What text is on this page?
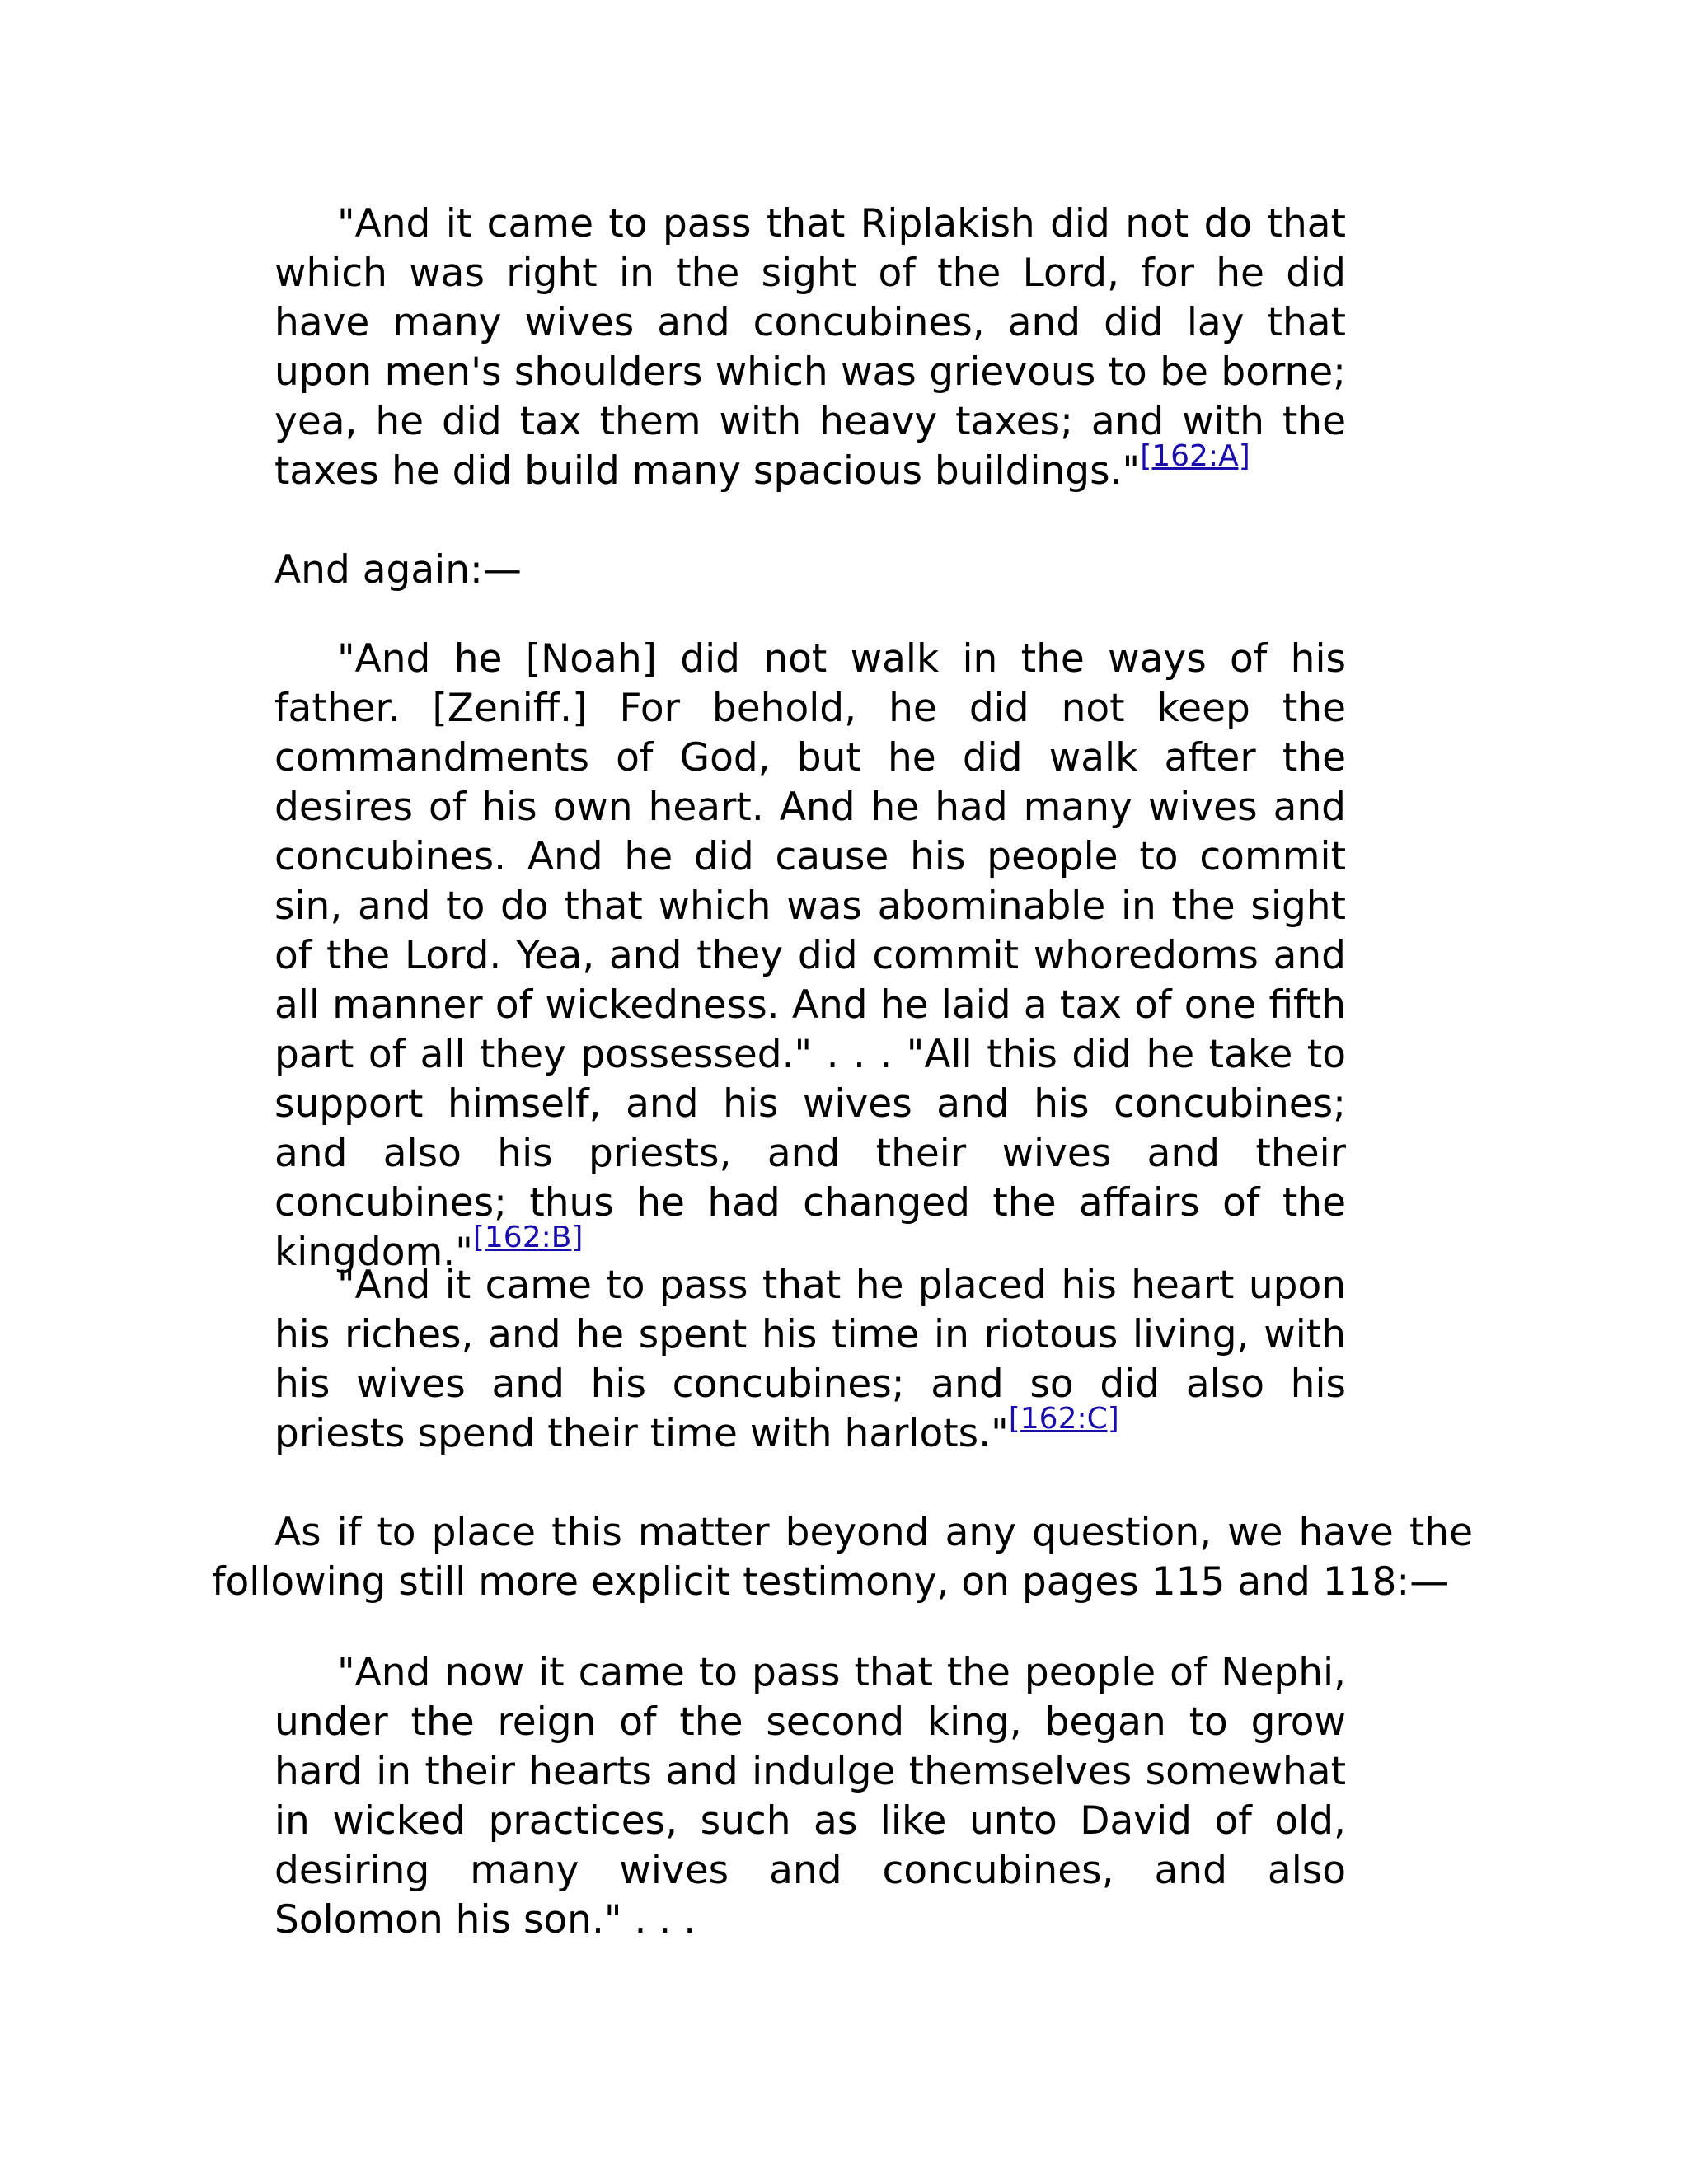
"And it came to pass that Riplakish did not do that which was right in the sight of the Lord, for he did have many wives and concubines, and did lay that upon men's shoulders which was grievous to be borne; yea, he did tax them with heavy taxes; and with the taxes he did build many spacious buildings."[162:A]

And again:—

"And he [Noah] did not walk in the ways of his father. [Zeniff.] For behold, he did not keep the commandments of God, but he did walk after the desires of his own heart. And he had many wives and concubines. And he did cause his people to commit sin, and to do that which was abominable in the sight of the Lord. Yea, and they did commit whoredoms and all manner of wickedness. And he laid a tax of one fifth part of all they possessed." . . . "All this did he take to support himself, and his wives and his concubines; and also his priests, and their wives and their concubines; thus he had changed the affairs of the kingdom."[162:B]

"And it came to pass that he placed his heart upon his riches, and he spent his time in riotous living, with his wives and his concubines; and so did also his priests spend their time with harlots."[162:C]

As if to place this matter beyond any question, we have the following still more explicit testimony, on pages 115 and 118:—

"And now it came to pass that the people of Nephi, under the reign of the second king, began to grow hard in their hearts and indulge themselves somewhat in wicked practices, such as like unto David of old, desiring many wives and concubines, and also Solomon his son." . . .
